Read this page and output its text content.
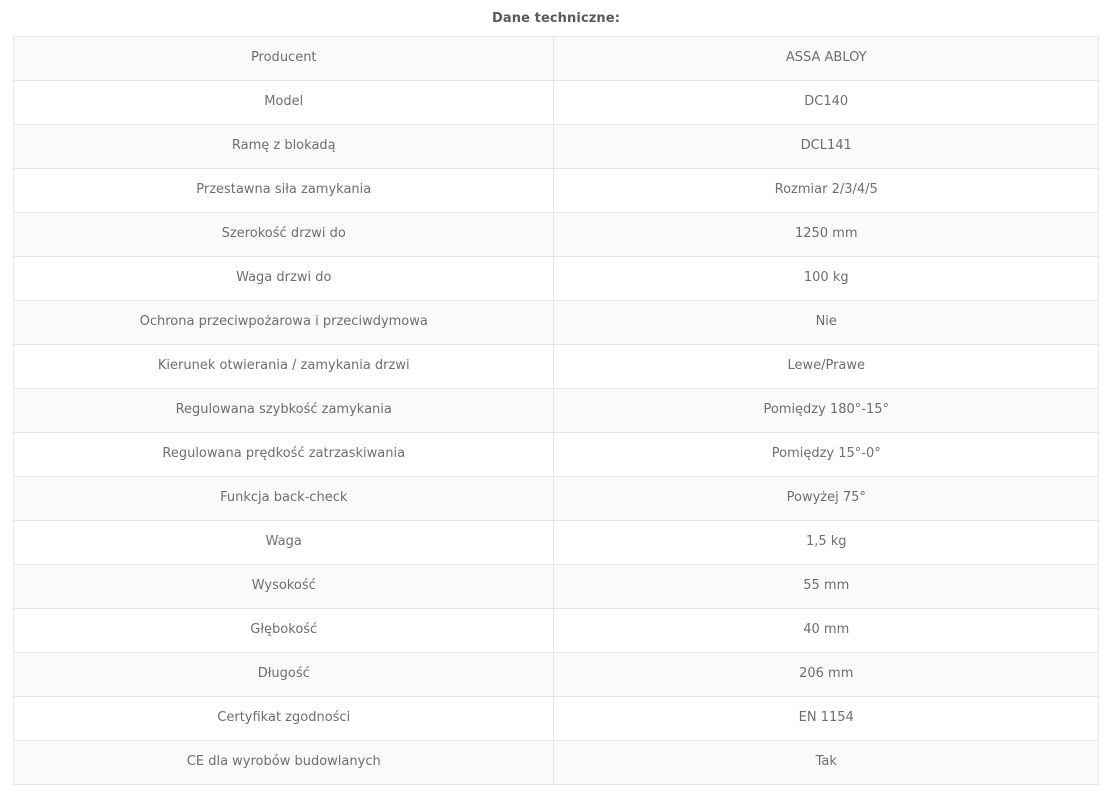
Dane techniczne:
Producent	ASSA ABLOY
Model	DC140
Ramę z blokadą	DCL141
Przestawna siła zamykania	Rozmiar 2/3/4/5
Szerokość drzwi do	1250 mm
Waga drzwi do	100 kg
Ochrona przeciwpożarowa i przeciwdymowa	Nie
Kierunek otwierania / zamykania drzwi	Lewe/Prawe
Regulowana szybkość zamykania	Pomiędzy 180°-15°
Regulowana prędkość zatrzaskiwania	Pomiędzy 15°-0°
Funkcja back-check	Powyżej 75°
Waga	1,5 kg
Wysokość	55 mm
Głębokość	40 mm
Długość	206 mm
Certyfikat zgodności	EN 1154
CE dla wyrobów budowlanych	Tak
